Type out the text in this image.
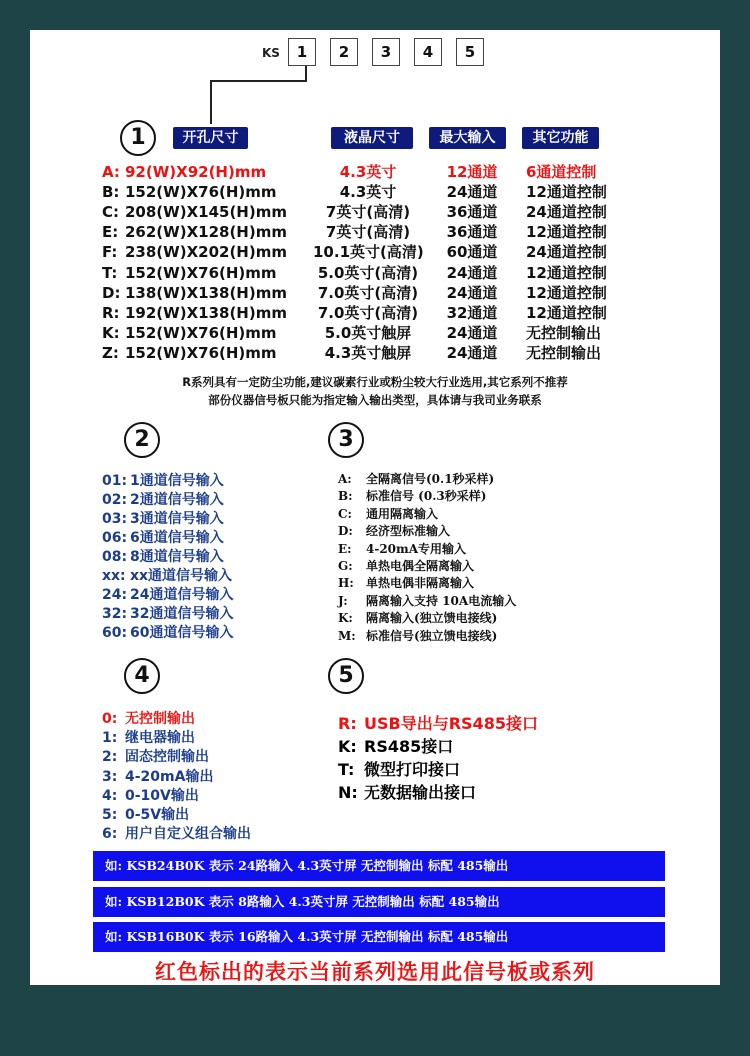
KS	1	2	3	4	5
1	开孔尺寸	液晶尺寸	最大输入	其它功能
A: 92(W)X92(H)mm	4.3英寸	12通道	6通道控制
B: 152(W)X76(H)mm	4.3英寸	24通道	12通道控制
C: 208(W)X145(H)mm	7英寸(高清)	36通道	24通道控制
E: 262(W)X128(H)mm	7英寸(高清)	36通道	12通道控制
F: 238(W)X202(H)mm 10.1英寸(高清)	60通道	24通道控制
T: 152(W)X76(H)mm	5.0英寸(高清)	24通道	12通道控制
D: 138(W)X138(H)mm	7.0英寸(高清)	24通道	12通道控制
R: 192(W)X138(H)mm	7.0英寸(高清)	32通道	12通道控制
K: 152(W)X76(H)mm	5.0英寸触屏	24通道	无控制输出
Z: 152(W)X76(H)mm	4.3英寸触屏	24通道	无控制输出
R系列具有一定防尘功能,建议碳素行业或粉尘较大行业选用,其它系列不推荐
部份仪器信号板只能为指定输入输出类型，具体请与我司业务联系
2
01: 1通道信号输入
02: 2通道信号输入
03: 3通道信号输入
06: 6通道信号输入
08: 8通道信号输入
xx: xx通道信号输入
24: 24通道信号输入
32: 32通道信号输入
60: 60通道信号输入
3
A: 全隔离信号(0.1秒采样)
B: 标准信号 (0.3秒采样)
C: 通用隔离输入
D: 经济型标准输入
E: 4-20mA专用输入
G: 单热电偶全隔离输入
H: 单热电偶非隔离输入
J: 隔离输入支持 10A电流输入
K: 隔离输入(独立馈电接线)
M: 标准信号(独立馈电接线)
4
0: 无控制输出
1: 继电器输出
2: 固态控制输出
3: 4-20mA输出
4: 0-10V输出
5: 0-5V输出
6: 用户自定义组合输出
5
R: USB导出与RS485接口
K: RS485接口
T: 微型打印接口
N: 无数据输出接口
如: KSB24B0K 表示 24路输入 4.3英寸屏 无控制输出 标配 485输出
如: KSB12B0K 表示 8路输入 4.3英寸屏 无控制输出 标配 485输出
如: KSB16B0K 表示 16路输入 4.3英寸屏 无控制输出 标配 485输出
红色标出的表示当前系列选用此信号板或系列
